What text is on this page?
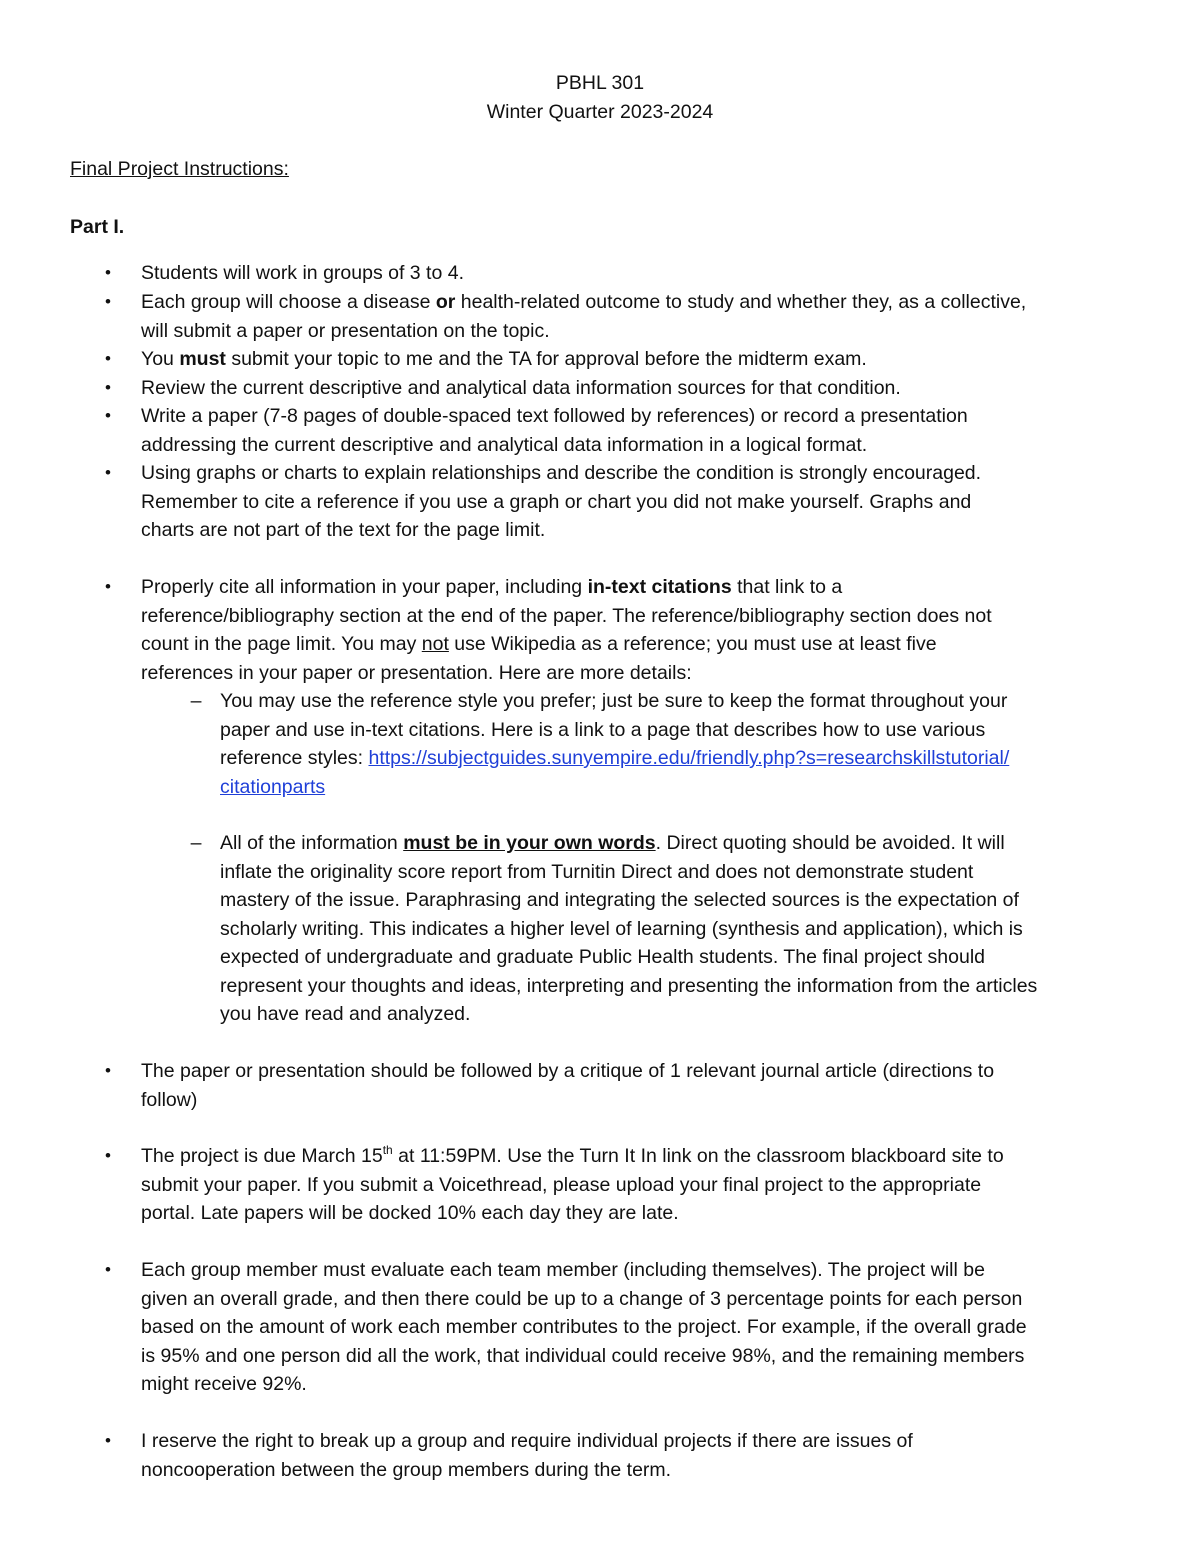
PBHL 301
Winter Quarter 2023-2024
Final Project Instructions:
Part I.
• Students will work in groups of 3 to 4.
• Each group will choose a disease or health-related outcome to study and whether they, as a collective,
will submit a paper or presentation on the topic.
• You must submit your topic to me and the TA for approval before the midterm exam.
• Review the current descriptive and analytical data information sources for that condition.
• Write a paper (7-8 pages of double-spaced text followed by references) or record a presentation
addressing the current descriptive and analytical data information in a logical format.
• Using graphs or charts to explain relationships and describe the condition is strongly encouraged.
Remember to cite a reference if you use a graph or chart you did not make yourself. Graphs and
charts are not part of the text for the page limit.
• Properly cite all information in your paper, including in-text citations that link to a
reference/bibliography section at the end of the paper. The reference/bibliography section does not
count in the page limit. You may not use Wikipedia as a reference; you must use at least five
references in your paper or presentation. Here are more details:
– You may use the reference style you prefer; just be sure to keep the format throughout your
paper and use in-text citations. Here is a link to a page that describes how to use various
reference styles: https://subjectguides.sunyempire.edu/friendly.php?s=researchskillstutorial/
citationparts
– All of the information must be in your own words. Direct quoting should be avoided. It will
inflate the originality score report from Turnitin Direct and does not demonstrate student
mastery of the issue. Paraphrasing and integrating the selected sources is the expectation of
scholarly writing. This indicates a higher level of learning (synthesis and application), which is
expected of undergraduate and graduate Public Health students. The final project should
represent your thoughts and ideas, interpreting and presenting the information from the articles
you have read and analyzed.
• The paper or presentation should be followed by a critique of 1 relevant journal article (directions to
follow)
• The project is due March 15th at 11:59PM. Use the Turn It In link on the classroom blackboard site to
submit your paper. If you submit a Voicethread, please upload your final project to the appropriate
portal. Late papers will be docked 10% each day they are late.
• Each group member must evaluate each team member (including themselves). The project will be
given an overall grade, and then there could be up to a change of 3 percentage points for each person
based on the amount of work each member contributes to the project. For example, if the overall grade
is 95% and one person did all the work, that individual could receive 98%, and the remaining members
might receive 92%.
• I reserve the right to break up a group and require individual projects if there are issues of
noncooperation between the group members during the term.
